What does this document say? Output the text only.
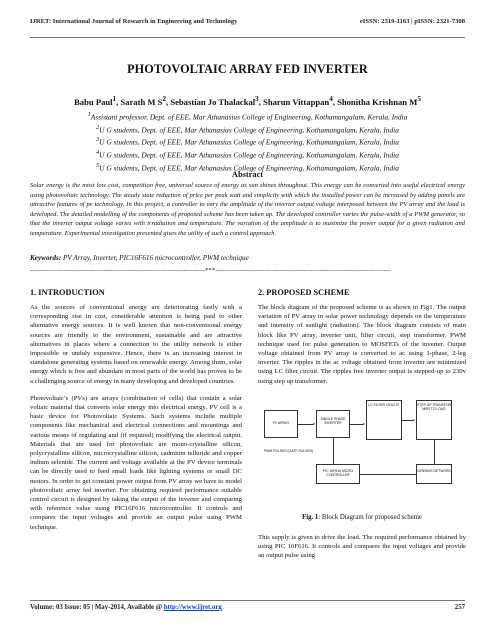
IJRET: International Journal of Research in Engineering and Technology	eISSN: 2319-1163 | pISSN: 2321-7308
PHOTOVOLTAIC ARRAY FED INVERTER
Babu Paul$^1$, Sarath M $S^2$, Sebastian Jo Thalackal$^3$, Sharun Vittappan$^4$, Shonitha Krishnan $M^5$
$^1$Assistant professor, Dept. of EEE, Mar Athanasius College of Engineering, Kothamangalam, Kerala, India
$^2$U G students, Dept. of EEE, Mar Athanasius College of Engineering, Kothamangalam, Kerala, India
$^3$U G students, Dept. of EEE, Mar Athanasius College of Engineering, Kothamangalam, Kerala, India
$^4$U G students, Dept. of EEE, Mar Athanasius College of Engineering, Kothamangalam, Kerala, India
$^5$U G students, Dept. of EEE, Mar Athanasius College of Engineering, Kothamangalam, Kerala, India
Abstract
Solar energy is the most low cost, competition free, universal source of energy as sun shines throughout. This energy can be converted into useful electrical energy using photovoltaic technology. The steady state reduction of price per peak watt and simplicity with which the installed power can be increased by adding panels are attractive features of pv technology. In this project, a controller to vary the amplitude of the inverter output voltage interposed between the PV array and the load is developed. The detailed modelling of the components of proposed scheme has been taken up. The developed controller varies the pulse-width of a PWM generator, so that the inverter output voltage varies with irradiation and temperature. The variation of the amplitude is to maximize the power output for a given radiation and temperature. Experimental investigation presented gives the utility of such a control approach.
Keywords: PV Array, Inverter, PIC16F616 microcontroller, PWM technique
--------------------------------------------------------------------------***--------------------------------------------------------------------------
1. INTRODUCTION

As the sources of conventional energy are deteriorating fastly with a corresponding rise in cost, considerable attention is being paid to other alternative energy sources. It is well known that non-conventional energy sources are friendly to the environment, sustainable and are attractive alternatives in places where a connection to the utility network is either impossible or unduly expensive. Hence, there is an increasing interest in standalone generating systems based on renewable energy. Among them, solar energy which is free and abundant in most parts of the world has proven to be a challenging source of energy in many developing and developed countries.

Photovoltaic’s (PVs) are arrays (combination of cells) that contain a solar voltaic material that converts solar energy into electrical energy. PV cell is a basic device for Photovoltaic Systems. Such systems include multiple components like mechanical and electrical connections and mountings and various means of regulating and (if required) modifying the electrical output. Materials that are used for photovoltaic are mono-crystalline silicon, polycrystalline silicon, microcrystalline silicon, cadmium telluride and copper indium selenide. The current and voltage available at the PV device terminals can be directly used to feed small loads like lighting systems or small DC motors. In order to get constant power output from PV array we have to model photovoltaic array fed inverter. For obtaining required performance suitable control circuit is designed by taking the output of the inverter and comparing with reference value using PIC16F616 microcontroller. It controls and compares the input voltages and provide an output pulse using PWM technique.

2. PROPOSED SCHEME

The block diagram of the proposed scheme is as shown in Fig1. The output variation of PV array in solar power technology depends on the temperature and intensity of sunlight (radiation). The block diagram consists of main block like PV array, inverter unit, filter circuit, step transformer, PWM technique used for pulse generation to MOSFETs of the inverter. Output voltage obtained from PV array is converted to ac using 1-phase, 2-leg inverter. The ripples in the ac voltage obtained from inverter are minimized using LC filter circuit. The ripples free inverter output is stepped-up to 230v using step up transformer.

PV ARRAY
SINGLE PHASE INVERTER
LC FILTER CIRCUIT	STEP UP TRANSFOR MER TO LOAD
PIC 16F616 MICRO CONTROLLER
SENSING NETWORK
PWM PULSES (GATE PULSES)
Fig. 1: Block Diagram for proposed scheme

This supply is given to drive the load. The required performance obtained by using PIC 16F616. It controls and compares the input voltages and provide an output pulse using

Volume: 03 Issue: 05 | May-2014, Available @ http://www.ijret.org	257
